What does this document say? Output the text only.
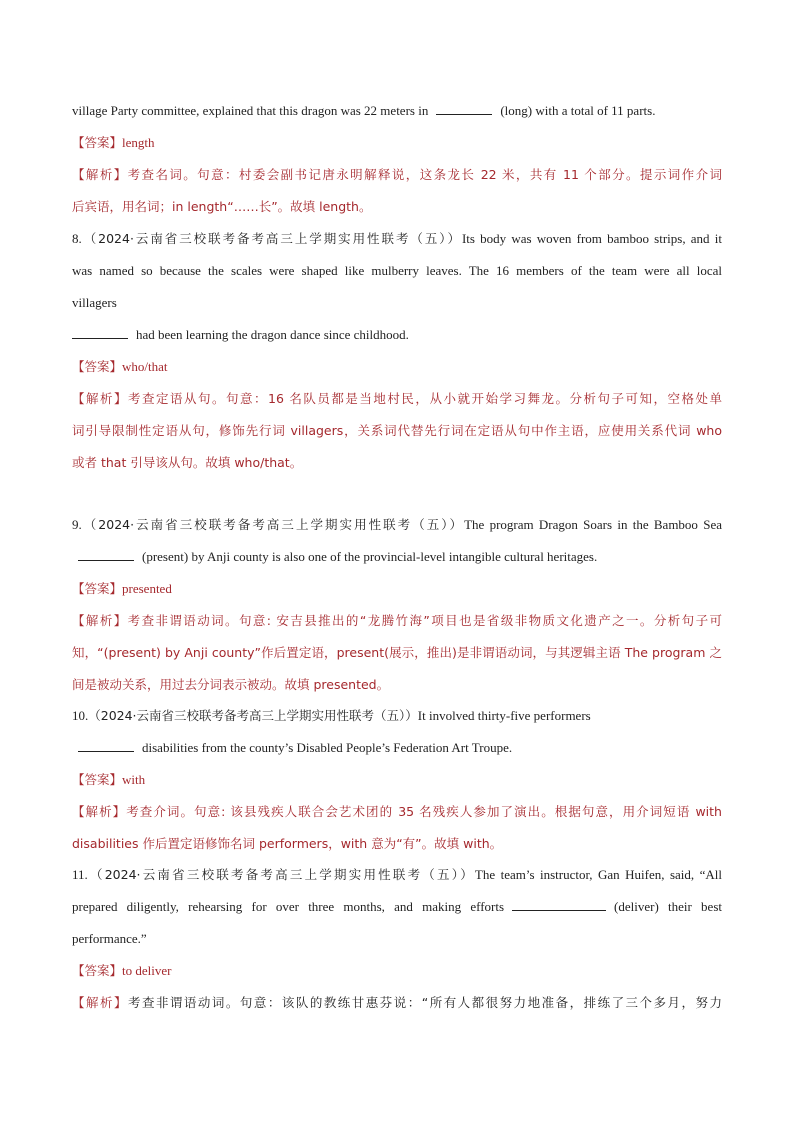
village Party committee, explained that this dragon was 22 meters in	(long) with a total of 11 parts.
【答案】length
【解析】考查名词。句意：村委会副书记唐永明解释说，这条龙长 22 米，共有 11 个部分。提示词作介词
后宾语，用名词；in length“……长”。故填 length。
8.（2024·云南省三校联考备考高三上学期实用性联考（五））Its body was woven from bamboo strips, and it
was named so because the scales were shaped like mulberry leaves. The 16 members of the team were all local
villagers
had been learning the dragon dance since childhood.
【答案】who/that
【解析】考查定语从句。句意：16 名队员都是当地村民，从小就开始学习舞龙。分析句子可知，空格处单
词引导限制性定语从句，修饰先行词 villagers，关系词代替先行词在定语从句中作主语，应使用关系代词 who
或者 that 引导该从句。故填 who/that。
9.（2024·云南省三校联考备考高三上学期实用性联考（五））The program Dragon Soars in the Bamboo Sea
(present) by Anji county is also one of the provincial-level intangible cultural heritages.
【答案】presented
【解析】考查非谓语动词。句意: 安吉县推出的“龙腾竹海”项目也是省级非物质文化遗产之一。分析句子可
知，“(present) by Anji county”作后置定语，present(展示，推出)是非谓语动词，与其逻辑主语 The program 之
间是被动关系，用过去分词表示被动。故填 presented。
10.（2024·云南省三校联考备考高三上学期实用性联考（五））It involved thirty-five performers
disabilities from the county’s Disabled People’s Federation Art Troupe.
【答案】with
【解析】考查介词。句意: 该县残疾人联合会艺术团的 35 名残疾人参加了演出。根据句意，用介词短语 with
disabilities 作后置定语修饰名词 performers，with 意为“有”。故填 with。
11.（2024·云南省三校联考备考高三上学期实用性联考（五））The team’s instructor, Gan Huifen, said, “All
prepared diligently, rehearsing for over three months, and making efforts	(deliver) their best
performance.”
【答案】to deliver
【解析】考查非谓语动词。句意：该队的教练甘惠芬说：“所有人都很努力地准备，排练了三个多月，努力
